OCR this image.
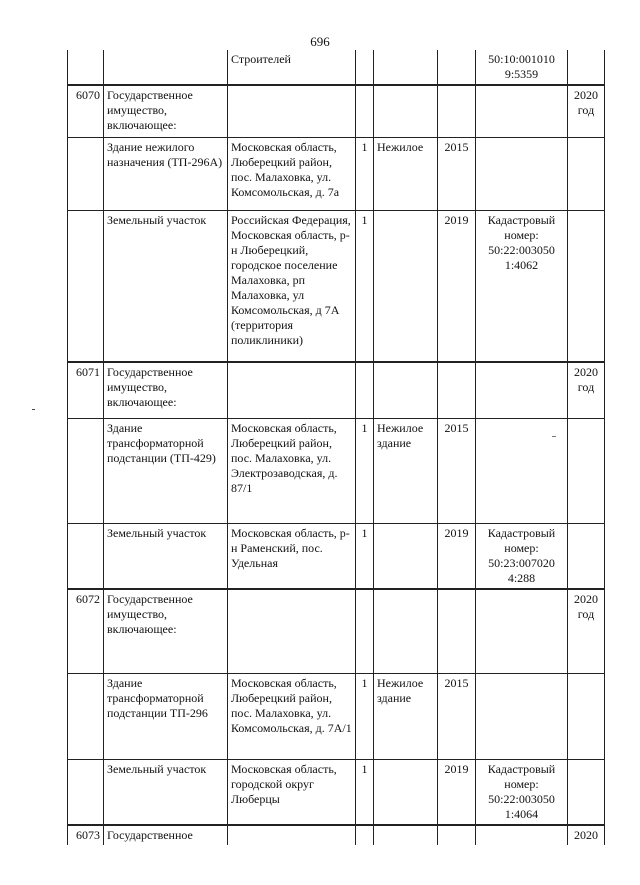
696
		Строителей				50:10:001010 9:5359	
6070	Государственное имущество, включающее:						2020 год
	Здание нежилого назначения (ТП-296А)	Московская область, Люберецкий район, пос. Малаховка, ул. Комсомольская, д. 7а	1	Нежилое	2015		
	Земельный участок	Российская Федерация, Московская область, р-н Люберецкий, городское поселение Малаховка, рп Малаховка, ул Комсомольская, д 7А (территория поликлиники)	1		2019	Кадастровый номер: 50:22:003050 1:4062	
6071	Государственное имущество, включающее:						2020 год
	Здание трансформаторной подстанции (ТП-429)	Московская область, Люберецкий район, пос. Малаховка, ул. Электрозаводская, д. 87/1	1	Нежилое здание	2015		
	Земельный участок	Московская область, р-н Раменский, пос. Удельная	1		2019	Кадастровый номер: 50:23:007020 4:288	
6072	Государственное имущество, включающее:						2020 год
	Здание трансформаторной подстанции ТП-296	Московская область, Люберецкий район, пос. Малаховка, ул. Комсомольская, д. 7А/1	1	Нежилое здание	2015		
	Земельный участок	Московская область, городской округ Люберцы	1		2019	Кадастровый номер: 50:22:003050 1:4064	
6073	Государственное						2020
